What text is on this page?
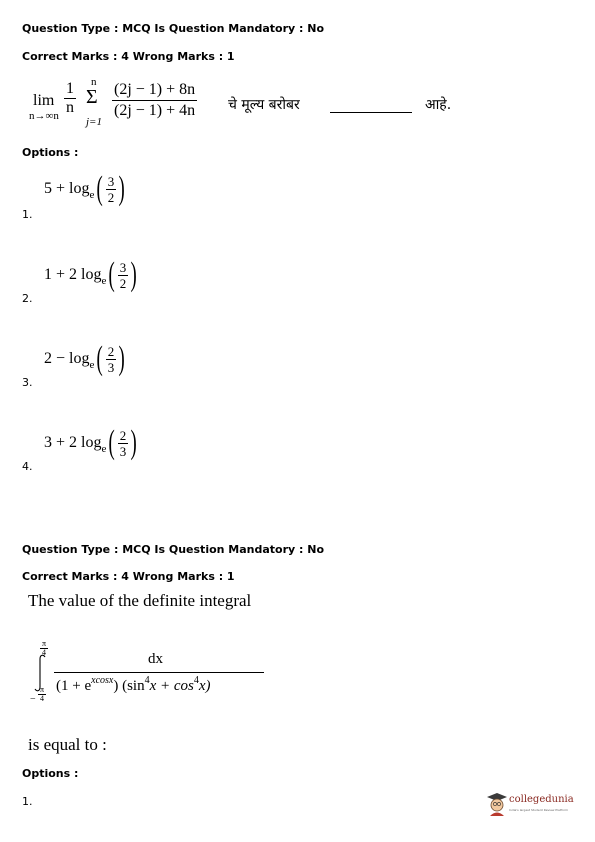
Question Type : MCQ Is Question Mandatory : No
Correct Marks : 4 Wrong Marks : 1
lim
$n\to\infty n \frac{1}{n}$ n
Σ
j=1
$\frac{(2j - 1) + 8n}{(2j - 1) + 4n}$ चे मूल्य बरोबर	आहे.
Options :
5 + log e ( $\frac{3}{2}$ )
1.
1 + 2 log e ( $\frac{3}{2}$ )
2.
2 − log e ( $\frac{2}{3}$ )
3.
3 + 2 log e ( $\frac{2}{3}$ )
4.
Question Type : MCQ Is Question Mandatory : No
Correct Marks : 4 Wrong Marks : 1
The value of the definite integral
$\frac{\pi}{4}$
− $\frac{\pi}{4}$
dx
$(1 + e^{xcosx})$ $(\sin^4x + \cos^4x)$
is equal to :
Options :
1.	collegedunia
India's largest Student Review Platform
